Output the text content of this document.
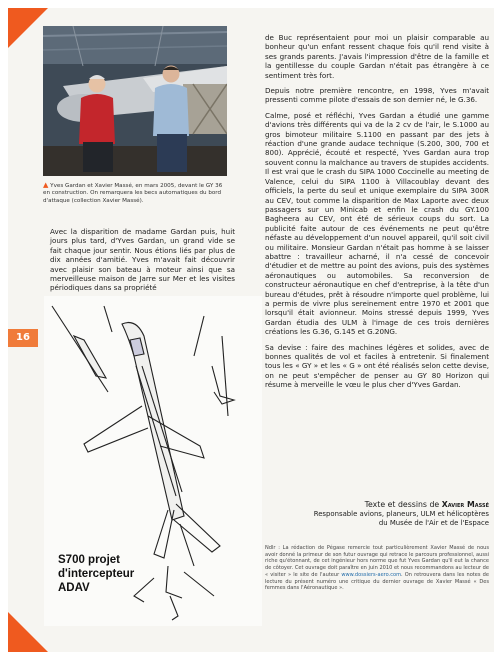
16
▲ Yves Gardan et Xavier Massé, en mars 2005, devant le GY 36 en construction. On remarquera les becs automatiques du bord d'attaque (collection Xavier Massé).

Avec la disparition de madame Gardan puis, huit jours plus tard, d'Yves Gardan, un grand vide se fait chaque jour sentir. Nous étions liés par plus de dix années d'amitié. Yves m'avait fait découvrir avec plaisir son bateau à moteur ainsi que sa merveilleuse maison de Jarre sur Mer et les visites périodiques dans sa propriété

de Buc représentaient pour moi un plaisir comparable au bonheur qu'un enfant ressent chaque fois qu'il rend visite à ses grands parents. J'avais l'impression d'être de la famille et la gentillesse du couple Gardan n'était pas étrangère à ce sentiment très fort.

Depuis notre première rencontre, en 1998, Yves m'avait pressenti comme pilote d'essais de son dernier né, le G.36.

Calme, posé et réfléchi, Yves Gardan a étudié une gamme d'avions très différents qui va de la 2 cv de l'air, le S.1000 au gros bimoteur militaire S.1100 en passant par des jets à réaction d'une grande audace technique (S.200, 300, 700 et 800). Apprécié, écouté et respecté, Yves Gardan aura trop souvent connu la malchance au travers de stupides accidents. Il est vrai que le crash du SIPA 1000 Coccinelle au meeting de Valence, celui du SIPA 1100 à Villacoublay devant des officiels, la perte du seul et unique exemplaire du SIPA 300R au CEV, tout comme la disparition de Max Laporte avec deux passagers sur un Minicab et enfin le crash du GY.100 Bagheera au CEV, ont été de sérieux coups du sort. La publicité faite autour de ces événements ne peut qu'être néfaste au développement d'un nouvel appareil, qu'il soit civil ou militaire. Monsieur Gardan n'était pas homme à se laisser abattre : travailleur acharné, il n'a cessé de concevoir d'étudier et de mettre au point des avions, puis des systèmes aéronautiques ou automobiles. Sa reconversion de constructeur aéronautique en chef d'entreprise, à la tête d'un bureau d'études, prêt à résoudre n'importe quel problème, lui a permis de vivre plus sereinement entre 1970 et 2001 que lorsqu'il était avionneur. Moins stressé depuis 1999, Yves Gardan étudia des ULM à l'image de ces trois dernières créations les G.36, G.145 et G.20NG.

Sa devise : faire des machines légères et solides, avec de bonnes qualités de vol et faciles à entretenir. Si finalement tous les « GY » et les « G » ont été réalisés selon cette devise, on ne peut s'empêcher de penser au GY 80 Horizon qui résume à merveille le vœu le plus cher d'Yves Gardan.

Texte et dessins de Xavier Massé
Responsable avions, planeurs, ULM et hélicoptères
du Musée de l'Air et de l'Espace
Ndlr : La rédaction de Pégase remercie tout particulièrement Xavier Massé de nous avoir donné la primeur de son futur ouvrage qui retrace le parcours professionnel, aussi riche qu'étonnant, de cet ingénieur hors norme que fut Yves Gardan qu'il eut la chance de côtoyer. Cet ouvrage doit paraître en juin 2010 et nous recommandons au lecteur de « visiter » le site de l'auteur www.dossiers-aero.com. On retrouvera dans les notes de lecture du présent numéro une critique du dernier ouvrage de Xavier Massé « Des femmes dans l'Aéronautique ».
S700 projet
d'intercepteur
ADAV
